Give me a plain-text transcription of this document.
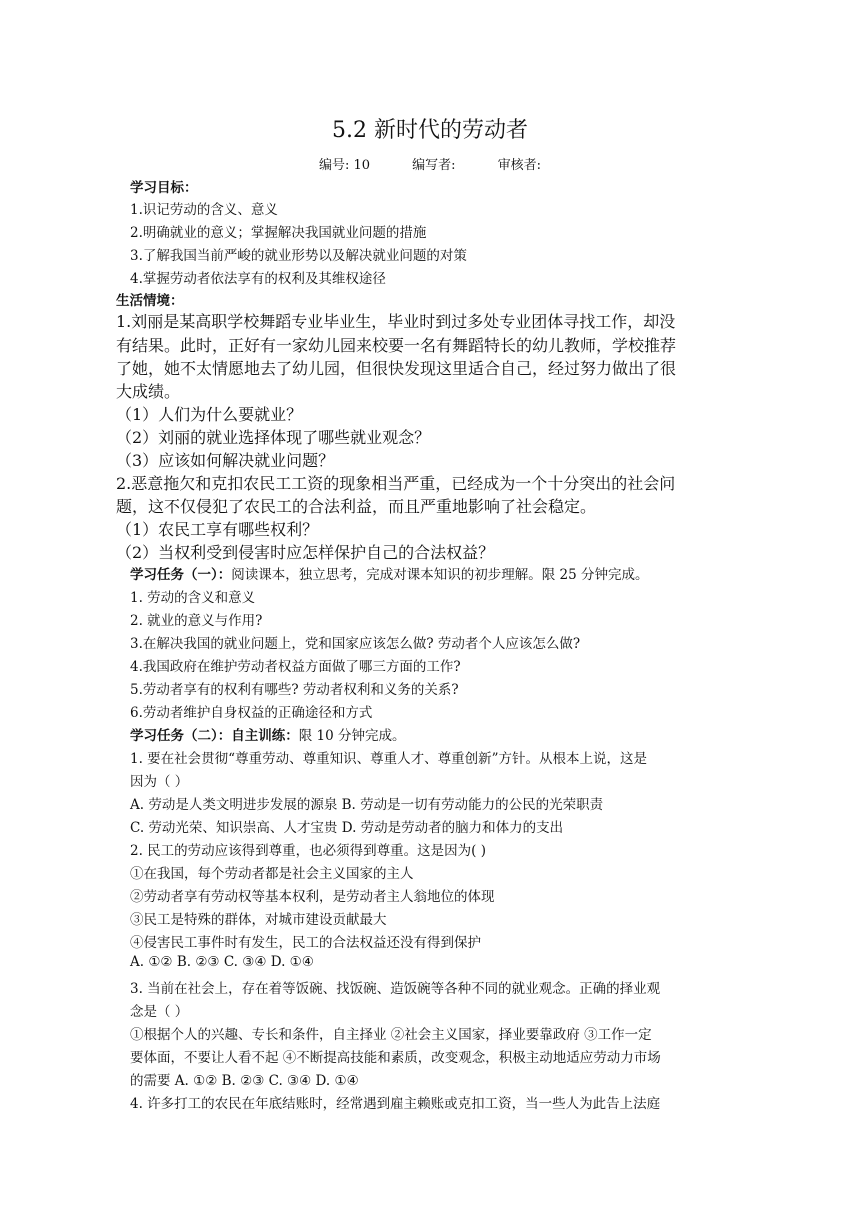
5.2 新时代的劳动者
编号: 10	编写者:	审核者:
学习目标：
1.识记劳动的含义、意义
2.明确就业的意义；掌握解决我国就业问题的措施
3.了解我国当前严峻的就业形势以及解决就业问题的对策
4.掌握劳动者依法享有的权利及其维权途径
生活情境：
1.刘丽是某高职学校舞蹈专业毕业生，毕业时到过多处专业团体寻找工作，却没
有结果。此时，正好有一家幼儿园来校要一名有舞蹈特长的幼儿教师，学校推荐
了她，她不太情愿地去了幼儿园，但很快发现这里适合自己，经过努力做出了很
大成绩。
（1）人们为什么要就业？
（2）刘丽的就业选择体现了哪些就业观念？
（3）应该如何解决就业问题？
2.恶意拖欠和克扣农民工工资的现象相当严重，已经成为一个十分突出的社会问
题，这不仅侵犯了农民工的合法利益，而且严重地影响了社会稳定。
（1）农民工享有哪些权利？
（2）当权利受到侵害时应怎样保护自己的合法权益？
学习任务（一）：阅读课本，独立思考，完成对课本知识的初步理解。限 25 分钟完成。
1. 劳动的含义和意义
2. 就业的意义与作用?
3.在解决我国的就业问题上，党和国家应该怎么做? 劳动者个人应该怎么做?
4.我国政府在维护劳动者权益方面做了哪三方面的工作?
5.劳动者享有的权利有哪些? 劳动者权利和义务的关系?
6.劳动者维护自身权益的正确途径和方式
学习任务（二）：自主训练：限 10 分钟完成。
1. 要在社会贯彻“尊重劳动、尊重知识、尊重人才、尊重创新”方针。从根本上说，这是
因为（ ）
A. 劳动是人类文明进步发展的源泉 B. 劳动是一切有劳动能力的公民的光荣职责
C. 劳动光荣、知识崇高、人才宝贵 D. 劳动是劳动者的脑力和体力的支出
2. 民工的劳动应该得到尊重，也必须得到尊重。这是因为( )
①在我国，每个劳动者都是社会主义国家的主人
②劳动者享有劳动权等基本权利，是劳动者主人翁地位的体现
③民工是特殊的群体，对城市建设贡献最大
④侵害民工事件时有发生，民工的合法权益还没有得到保护
A. ①② B. ②③ C. ③④ D. ①④
3. 当前在社会上，存在着等饭碗、找饭碗、造饭碗等各种不同的就业观念。正确的择业观
念是（ ）
①根据个人的兴趣、专长和条件，自主择业 ②社会主义国家，择业要靠政府 ③工作一定
要体面，不要让人看不起 ④不断提高技能和素质，改变观念，积极主动地适应劳动力市场
的需要 A. ①② B. ②③ C. ③④ D. ①④
4. 许多打工的农民在年底结账时，经常遇到雇主赖账或克扣工资，当一些人为此告上法庭
